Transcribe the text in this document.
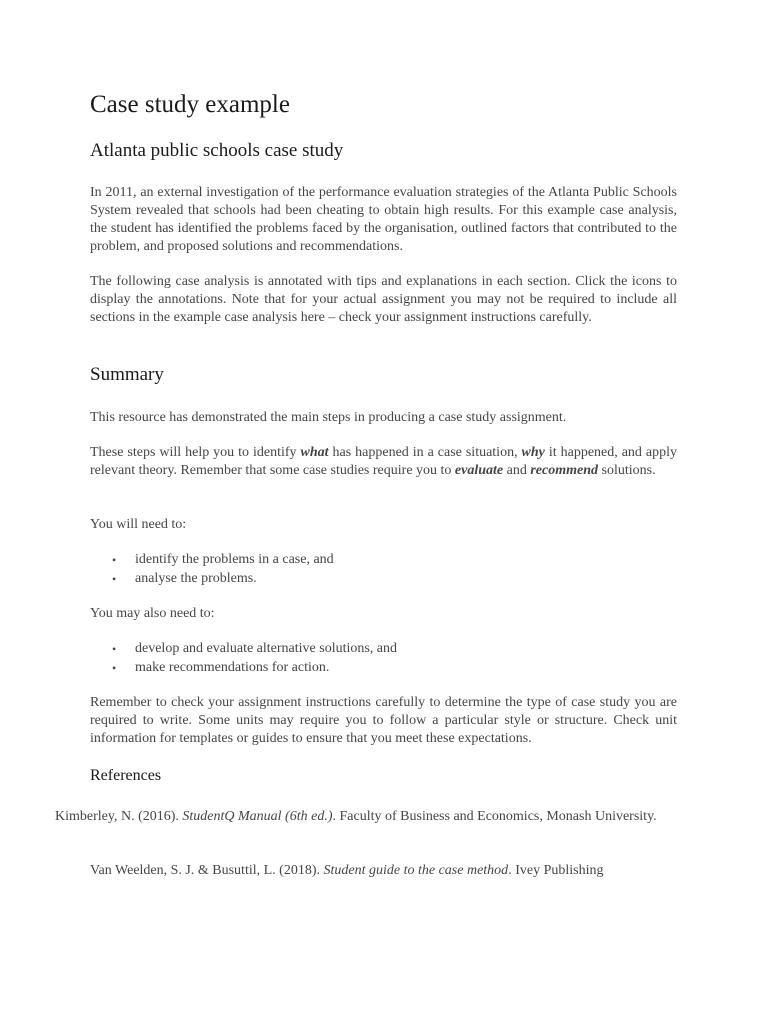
Case study example
Atlanta public schools case study

In 2011, an external investigation of the performance evaluation strategies of the Atlanta Public Schools System revealed that schools had been cheating to obtain high results. For this example case analysis, the student has identified the problems faced by the organisation, outlined factors that contributed to the problem, and proposed solutions and recommendations.

The following case analysis is annotated with tips and explanations in each section. Click the icons to display the annotations. Note that for your actual assignment you may not be required to include all sections in the example case analysis here – check your assignment instructions carefully.

Summary

This resource has demonstrated the main steps in producing a case study assignment.

These steps will help you to identify what has happened in a case situation, why it happened, and apply relevant theory. Remember that some case studies require you to evaluate and recommend solutions.

You will need to:

• identify the problems in a case, and
• analyse the problems.

You may also need to:

• develop and evaluate alternative solutions, and
• make recommendations for action.

Remember to check your assignment instructions carefully to determine the type of case study you are required to write. Some units may require you to follow a particular style or structure. Check unit information for templates or guides to ensure that you meet these expectations.

References
Kimberley, N. (2016). StudentQ Manual (6th ed.). Faculty of Business and Economics, Monash University.
Van Weelden, S. J. & Busuttil, L. (2018). Student guide to the case method. Ivey Publishing
